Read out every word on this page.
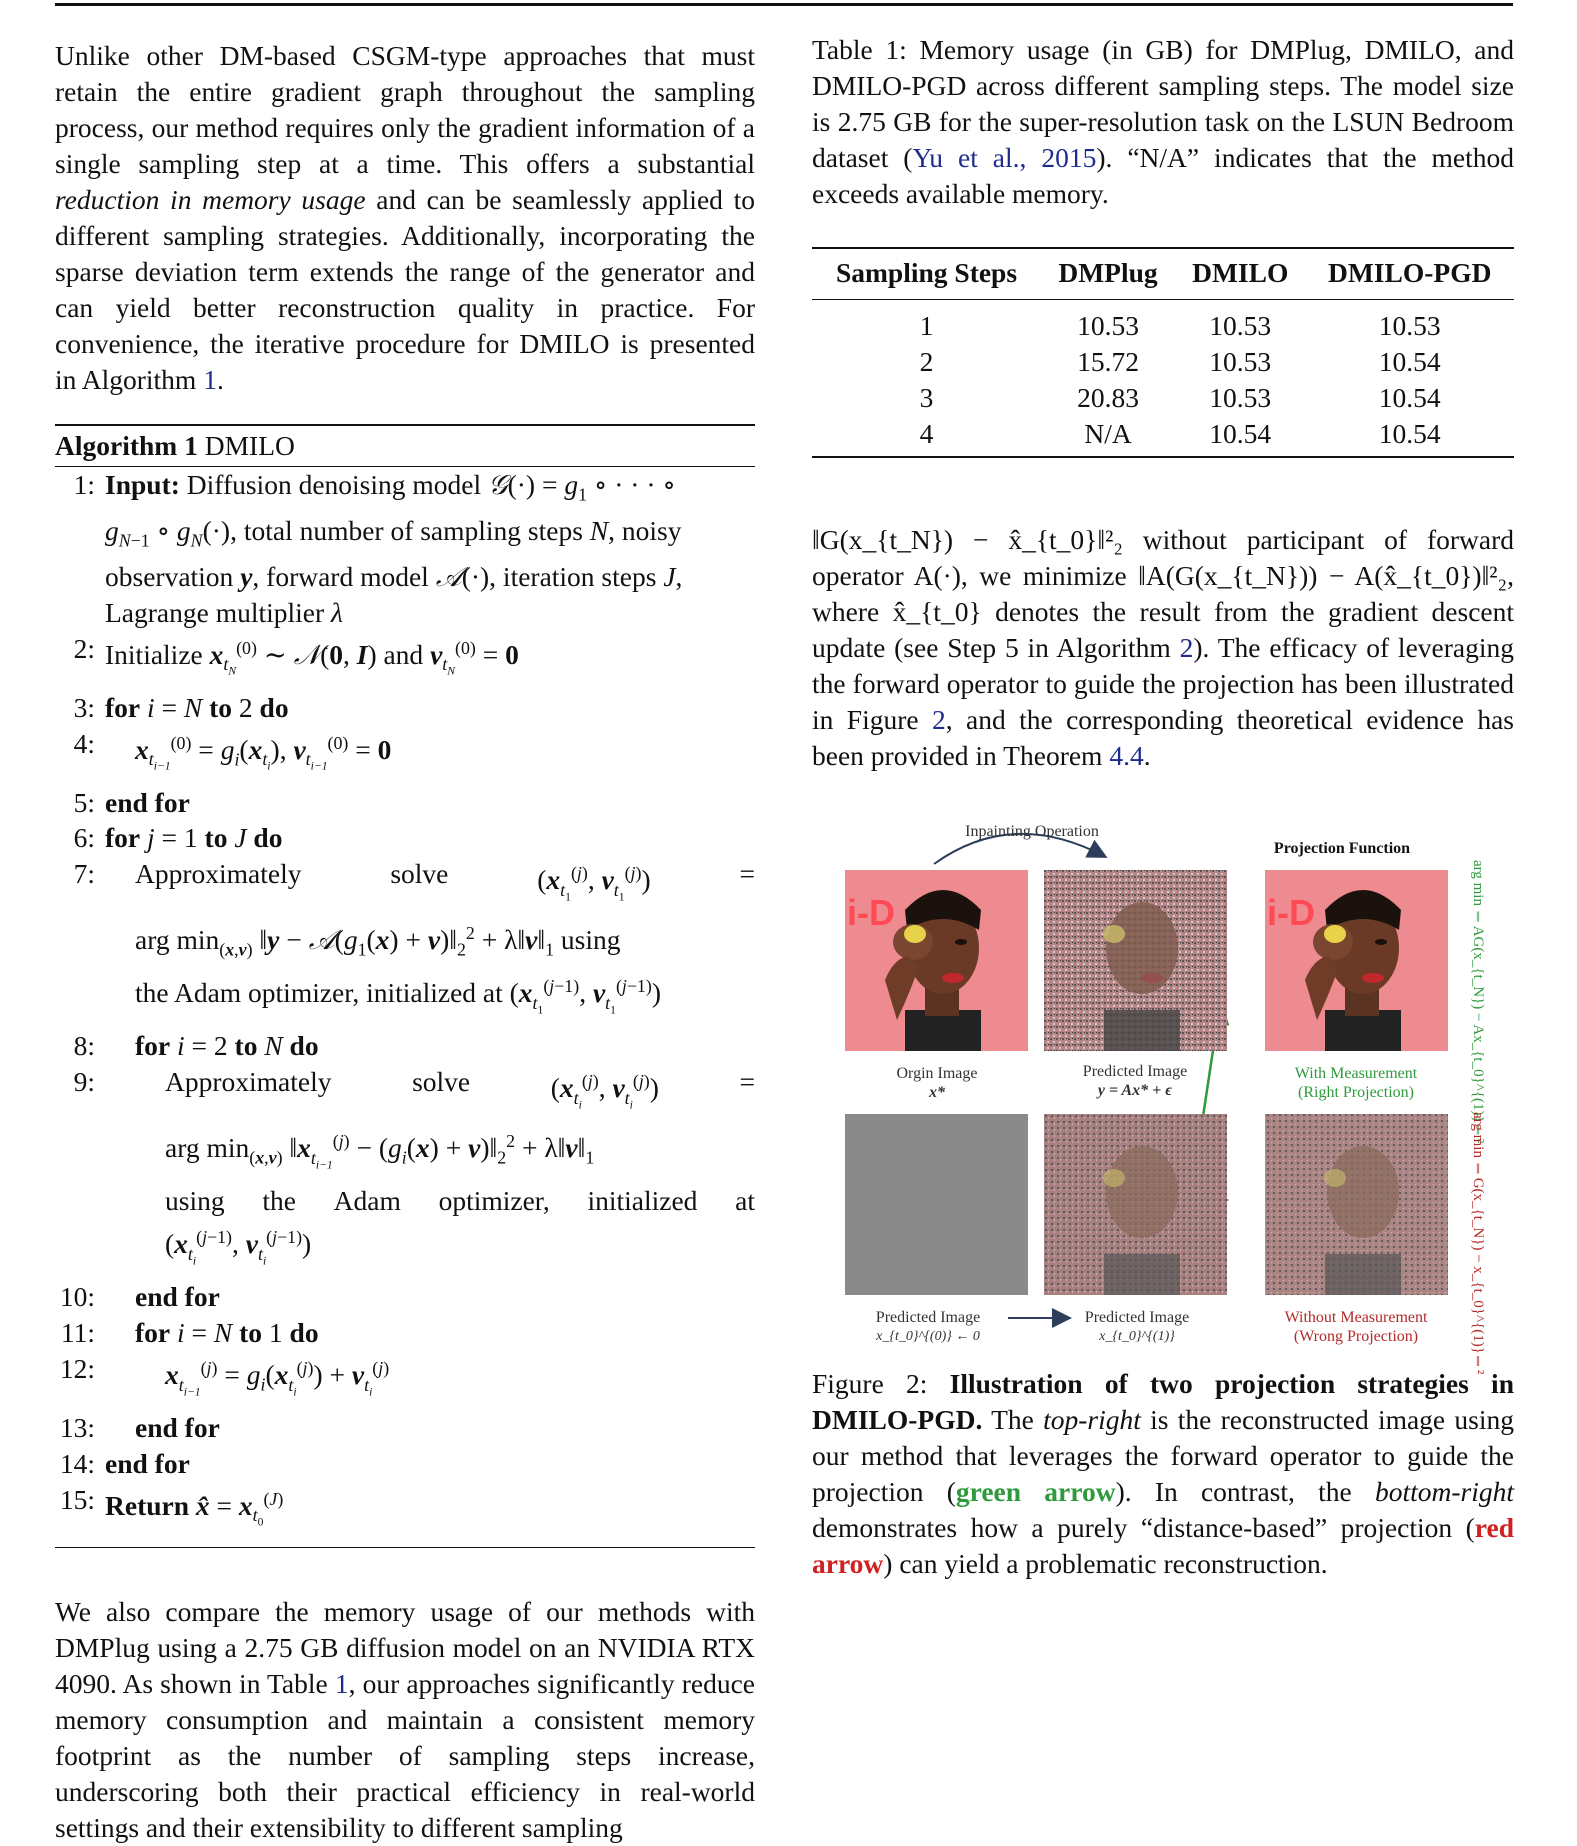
Unlike other DM-based CSGM-type approaches that must retain the entire gradient graph throughout the sampling process, our method requires only the gradient information of a single sampling step at a time. This offers a substantial reduction in memory usage and can be seamlessly applied to different sampling strategies. Additionally, incorporating the sparse deviation term extends the range of the generator and can yield better reconstruction quality in practice. For convenience, the iterative procedure for DMILO is presented in Algorithm 1.

Algorithm 1 DMILO
1: Input: Diffusion denoising model 𝒢(·) = $g_1$ ∘ · · · ∘
$g_{N-1}$ ∘ $g_N(\cdot)$, total number of sampling steps N, noisy
observation y, forward model 𝒜(·), iteration steps J,
Lagrange multiplier λ
2: Initialize $x_{t_N}^{(0)}$ ∼ 𝒩(0, I) and $\nu_{t_N}^{(0)} = 0$
3: for i = N to 2 do
4:	$x_{t_{i-1}}^{(0)} = g_i(x_{t_i})$, $\nu_{t_{i-1}}^{(0)} = 0$
5: end for
6: for j = 1 to J do
7:	Approximately	solve	($x_{t_1}^{(j)}$, $\nu_{t_1}^{(j)}$)	=
arg $\min_{(x,\nu)}$ ‖y − $𝒜(g_1(x)$ + $\nu)‖_2^2$ + $\lambda‖\nu‖_1$ using
the Adam optimizer, initialized at ($x_{t_1}^{(j-1)}$, $\nu_{t_1}^{(j-1)}$)
8:	for i = 2 to N do
9:	Approximately	solve	($x_{t_i}^{(j)}$, $\nu_{t_i}^{(j)}$)	=
arg $\min_{(x,\nu)}$ $‖x_{t_{i-1}}^{(j)} - (g_i(x)$ + $\nu)‖_2^2$ + $\lambda‖\nu‖_1$

using the Adam optimizer, initialized at
($x_{t_i}^{(j-1)}$, $\nu_{t_i}^{(j-1)}$)
10:	end for
11:	for i = N to 1 do
12:	$x_{t_{i-1}}^{(j)} = g_i(x_{t_i}^{(j)}) + \nu_{t_i}^{(j)}$
13:	end for
14: end for
15: Return x̂ = $x_{t_0}^{(J)}$

We also compare the memory usage of our methods with DMPlug using a 2.75 GB diffusion model on an NVIDIA RTX 4090. As shown in Table 1, our approaches significantly reduce memory consumption and maintain a consistent memory footprint as the number of sampling steps increase, underscoring both their practical efficiency in real-world settings and their extensibility to different sampling

Table 1: Memory usage (in GB) for DMPlug, DMILO, and DMILO-PGD across different sampling steps. The model size is 2.75 GB for the super-resolution task on the LSUN Bedroom dataset (Yu et al., 2015). “N/A” indicates that the method exceeds available memory.

Sampling Steps	DMPlug	DMILO	DMILO-PGD
1	10.53	10.53	10.53
2	15.72	10.53	10.54
3	20.83	10.53	10.54
4	N/A	10.54	10.54

‖G(x_{t_N}) − x̂_{t_0}‖²₂ without participant of forward operator A(·), we minimize ‖A(G(x_{t_N})) − A(x̂_{t_0})‖²₂, where x̂_{t_0} denotes the result from the gradient descent update (see Step 5 in Algorithm 2). The efficacy of leveraging the forward operator to guide the projection has been illustrated in Figure 2, and the corresponding theoretical evidence has been provided in Theorem 4.4.

Inpainting Operation
Projection Function
i-D	i-D
Orgin Image
x*
Predicted Image
y = Ax* + ϵ
With Measurement
(Right Projection)	arg min ‖AG(x_{t_N}) − Ax_{t_0}^{(1)}‖²
arg min ‖G(x_{t_N}) − x_{t_0}^{(1)}‖²
Predicted Image
x_{t_0}^{(0)} ← 0
Predicted Image
x_{t_0}^{(1)}
Without Measurement
(Wrong Projection)

Figure 2: Illustration of two projection strategies in DMILO-PGD. The top-right is the reconstructed image using our method that leverages the forward operator to guide the projection (green arrow). In contrast, the bottom-right demonstrates how a purely “distance-based” projection (red arrow) can yield a problematic reconstruction.
